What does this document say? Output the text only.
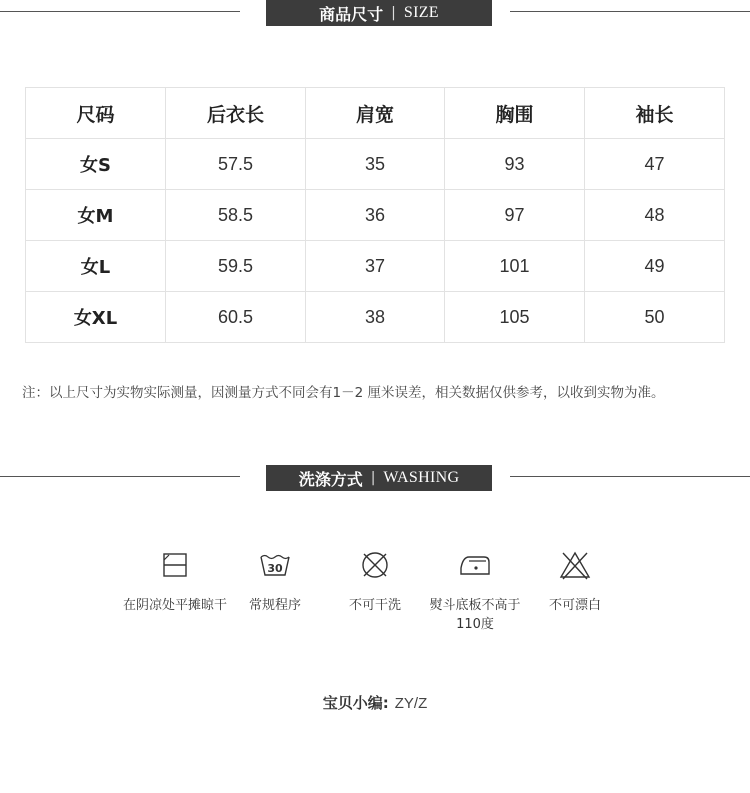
商品尺寸 | SIZE
尺码	后衣长	肩宽	胸围	袖长
女S	57.5	35	93	47
女M	58.5	36	97	48
女L	59.5	37	101	49
女XL	60.5	38	105	50
注：以上尺寸为实物实际测量，因测量方式不同会有1－2 厘米误差，相关数据仅供参考，以收到实物为准。
洗涤方式 | WASHING
在阴凉处平摊晾干
30
常规程序	不可干洗	熨斗底板不高于110度
不可漂白
宝贝小编: ZY/Z
